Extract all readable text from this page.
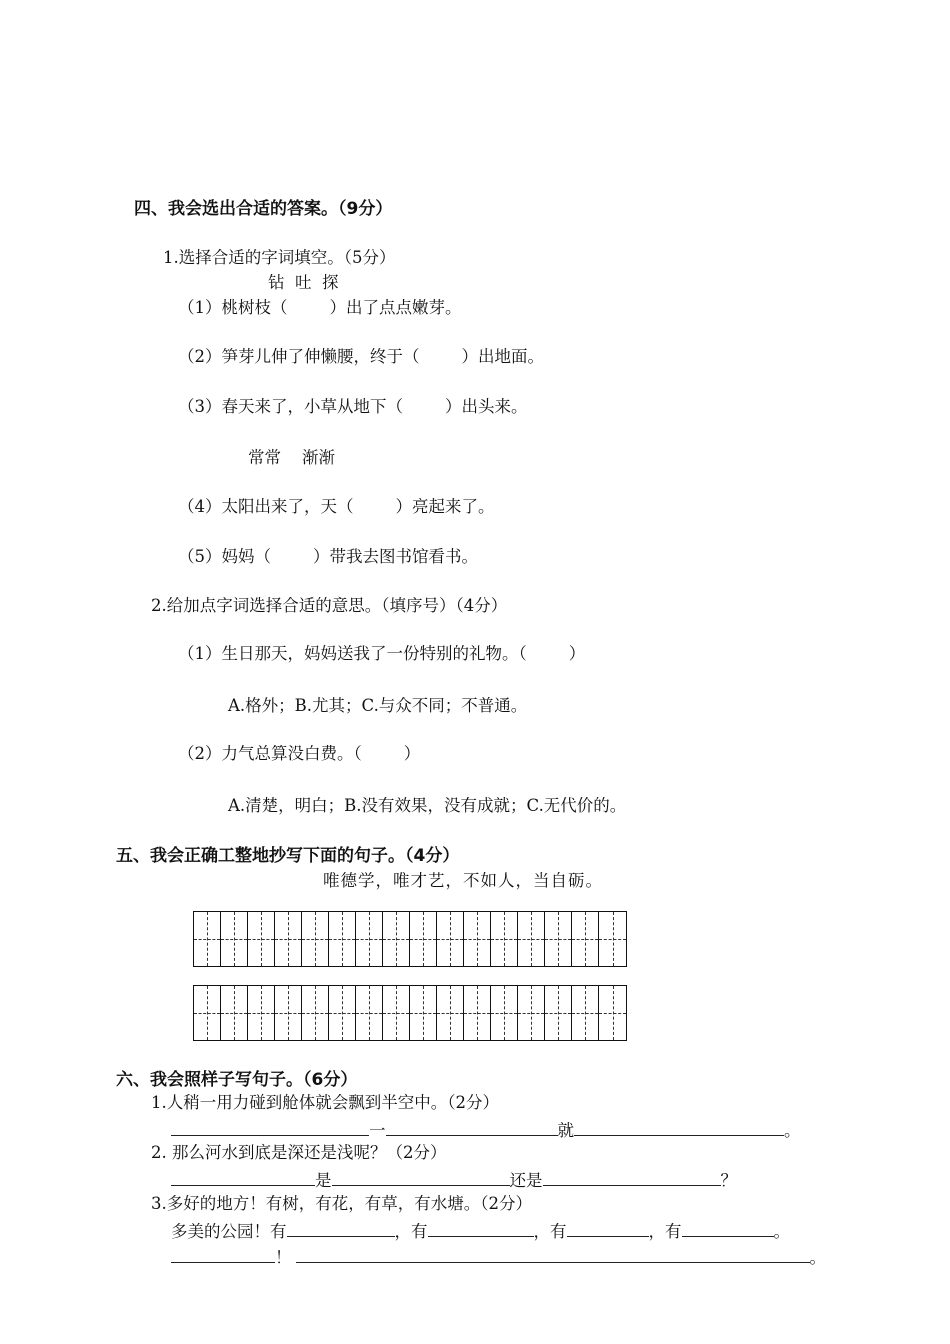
四、我会选出合适的答案。（9分）
1.选择合适的字词填空。（5分）
钻  吐  探
（1）桃树枝（        ）出了点点嫩芽。
（2）笋芽儿伸了伸懒腰，终于（        ）出地面。
（3）春天来了，小草从地下（        ）出头来。
常常    渐渐
（4）太阳出来了，天（        ）亮起来了。
（5）妈妈（        ）带我去图书馆看书。
2.给加点字词选择合适的意思。（填序号）（4分）
（1）生日那天，妈妈送我了一份特别的礼物。（        ）
A.格外；B.尤其；C.与众不同；不普通。
（2）力气总算没白费。（        ）
A.清楚，明白；B.没有效果，没有成就；C.无代价的。
五、我会正确工整地抄写下面的句子。（4分）
唯德学，唯才艺，不如人，当自砺。
六、我会照样子写句子。（6分）
1.人稍一用力碰到舱体就会飘到半空中。（2分）
一	就	。
2. 那么河水到底是深还是浅呢？（2分）
是	还是	？
3.多好的地方！有树，有花，有草，有水塘。（2分）
多美的公园！有	，有	，有	，有	。
！	。
